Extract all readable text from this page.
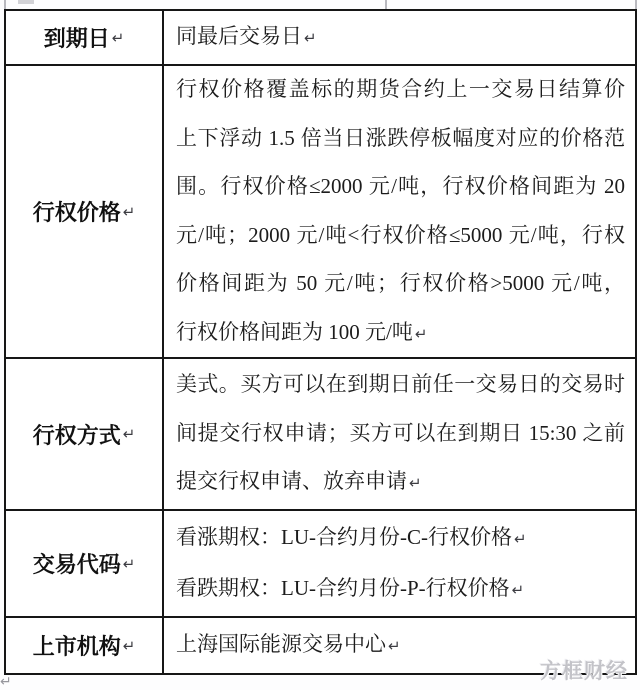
到期日 ↵ 同最后交易日 ↵
行权价格 ↵
行权价格覆盖标的期货合约上一交易日结算价
上下浮动 1.5 倍当日涨跌停板幅度对应的价格范
围。行权价格≤2000 元/吨，行权价格间距为 20
元/吨；2000 元/吨<行权价格≤5000 元/吨，行权
价格间距为 50 元/吨；行权价格>5000 元/吨，
行权价格间距为 100 元/吨 ↵
行权方式 ↵
美式。买方可以在到期日前任一交易日的交易时
间提交行权申请；买方可以在到期日 15:30 之前
提交行权申请、放弃申请 ↵
交易代码 ↵
看涨期权：LU-合约月份-C-行权价格 ↵
看跌期权：LU-合约月份-P-行权价格 ↵
上市机构 ↵ 上海国际能源交易中心 ↵
↵	方框财经
